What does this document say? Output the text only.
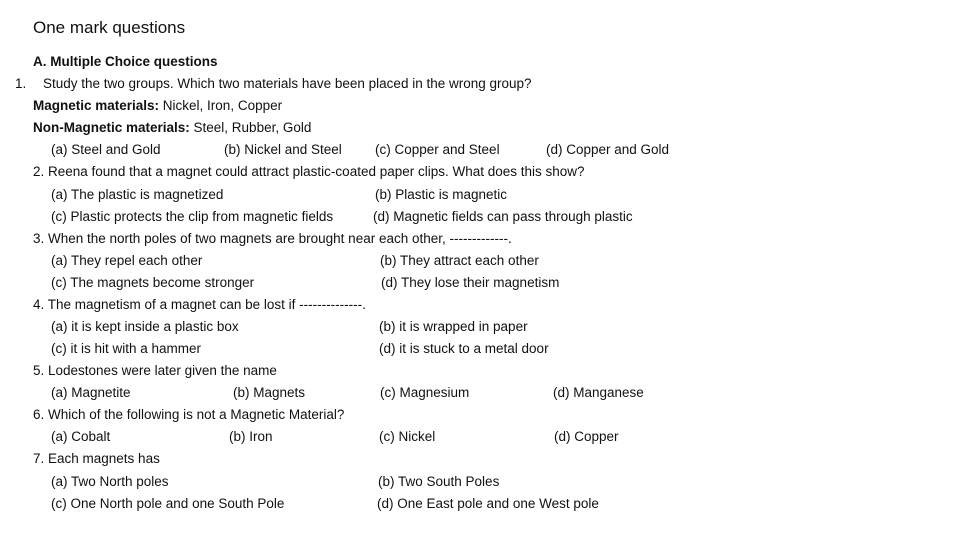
One mark questions
A. Multiple Choice questions
1. Study the two groups. Which two materials have been placed in the wrong group?
Magnetic materials: Nickel, Iron, Copper
Non-Magnetic materials: Steel, Rubber, Gold
(a) Steel and Gold	(b) Nickel and Steel (c) Copper and Steel	(d) Copper and Gold
2. Reena found that a magnet could attract plastic-coated paper clips. What does this show?
(a) The plastic is magnetized	(b) Plastic is magnetic
(c) Plastic protects the clip from magnetic fields	(d) Magnetic fields can pass through plastic
3. When the north poles of two magnets are brought near each other, -------------.
(a) They repel each other	(b) They attract each other
(c) The magnets become stronger	(d) They lose their magnetism
4. The magnetism of a magnet can be lost if --------------.
(a) it is kept inside a plastic box	(b) it is wrapped in paper
(c) it is hit with a hammer	(d) it is stuck to a metal door
5. Lodestones were later given the name
(a) Magnetite	(b) Magnets	(c) Magnesium	(d) Manganese
6. Which of the following is not a Magnetic Material?
(a) Cobalt	(b) Iron	(c) Nickel	(d) Copper
7. Each magnets has
(a) Two North poles	(b) Two South Poles
(c) One North pole and one South Pole	(d) One East pole and one West pole
